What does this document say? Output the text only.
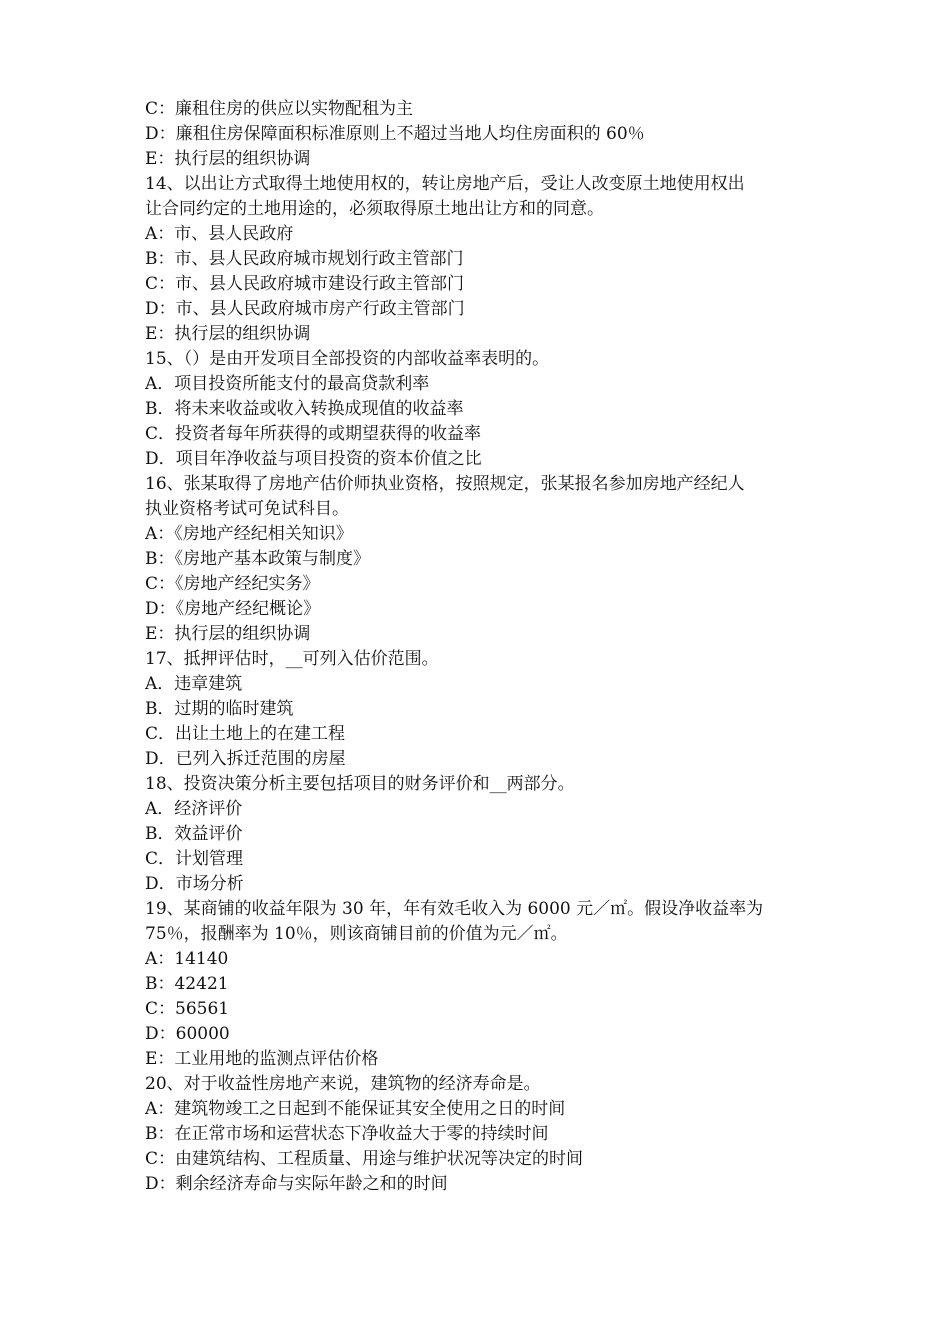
C：廉租住房的供应以实物配租为主
D：廉租住房保障面积标准原则上不超过当地人均住房面积的 60％
E：执行层的组织协调
14、以出让方式取得土地使用权的，转让房地产后，受让人改变原土地使用权出
让合同约定的土地用途的，必须取得原土地出让方和的同意。
A：市、县人民政府
B：市、县人民政府城市规划行政主管部门
C：市、县人民政府城市建设行政主管部门
D：市、县人民政府城市房产行政主管部门
E：执行层的组织协调
15、（）是由开发项目全部投资的内部收益率表明的。
A．项目投资所能支付的最高贷款利率
B．将未来收益或收入转换成现值的收益率
C．投资者每年所获得的或期望获得的收益率
D．项目年净收益与项目投资的资本价值之比
16、张某取得了房地产估价师执业资格，按照规定，张某报名参加房地产经纪人
执业资格考试可免试科目。
A：《房地产经纪相关知识》
B：《房地产基本政策与制度》
C：《房地产经纪实务》
D：《房地产经纪概论》
E：执行层的组织协调
17、抵押评估时，__可列入估价范围。
A．违章建筑
B．过期的临时建筑
C．出让土地上的在建工程
D．已列入拆迁范围的房屋
18、投资决策分析主要包括项目的财务评价和__两部分。
A．经济评价
B．效益评价
C．计划管理
D．市场分析
19、某商铺的收益年限为 30 年，年有效毛收入为 6000 元／㎡。假设净收益率为
75％，报酬率为 10％，则该商铺目前的价值为元／㎡。
A：14140
B：42421
C：56561
D：60000
E：工业用地的监测点评估价格
20、对于收益性房地产来说，建筑物的经济寿命是。
A：建筑物竣工之日起到不能保证其安全使用之日的时间
B：在正常市场和运营状态下净收益大于零的持续时间
C：由建筑结构、工程质量、用途与维护状况等决定的时间
D：剩余经济寿命与实际年龄之和的时间
